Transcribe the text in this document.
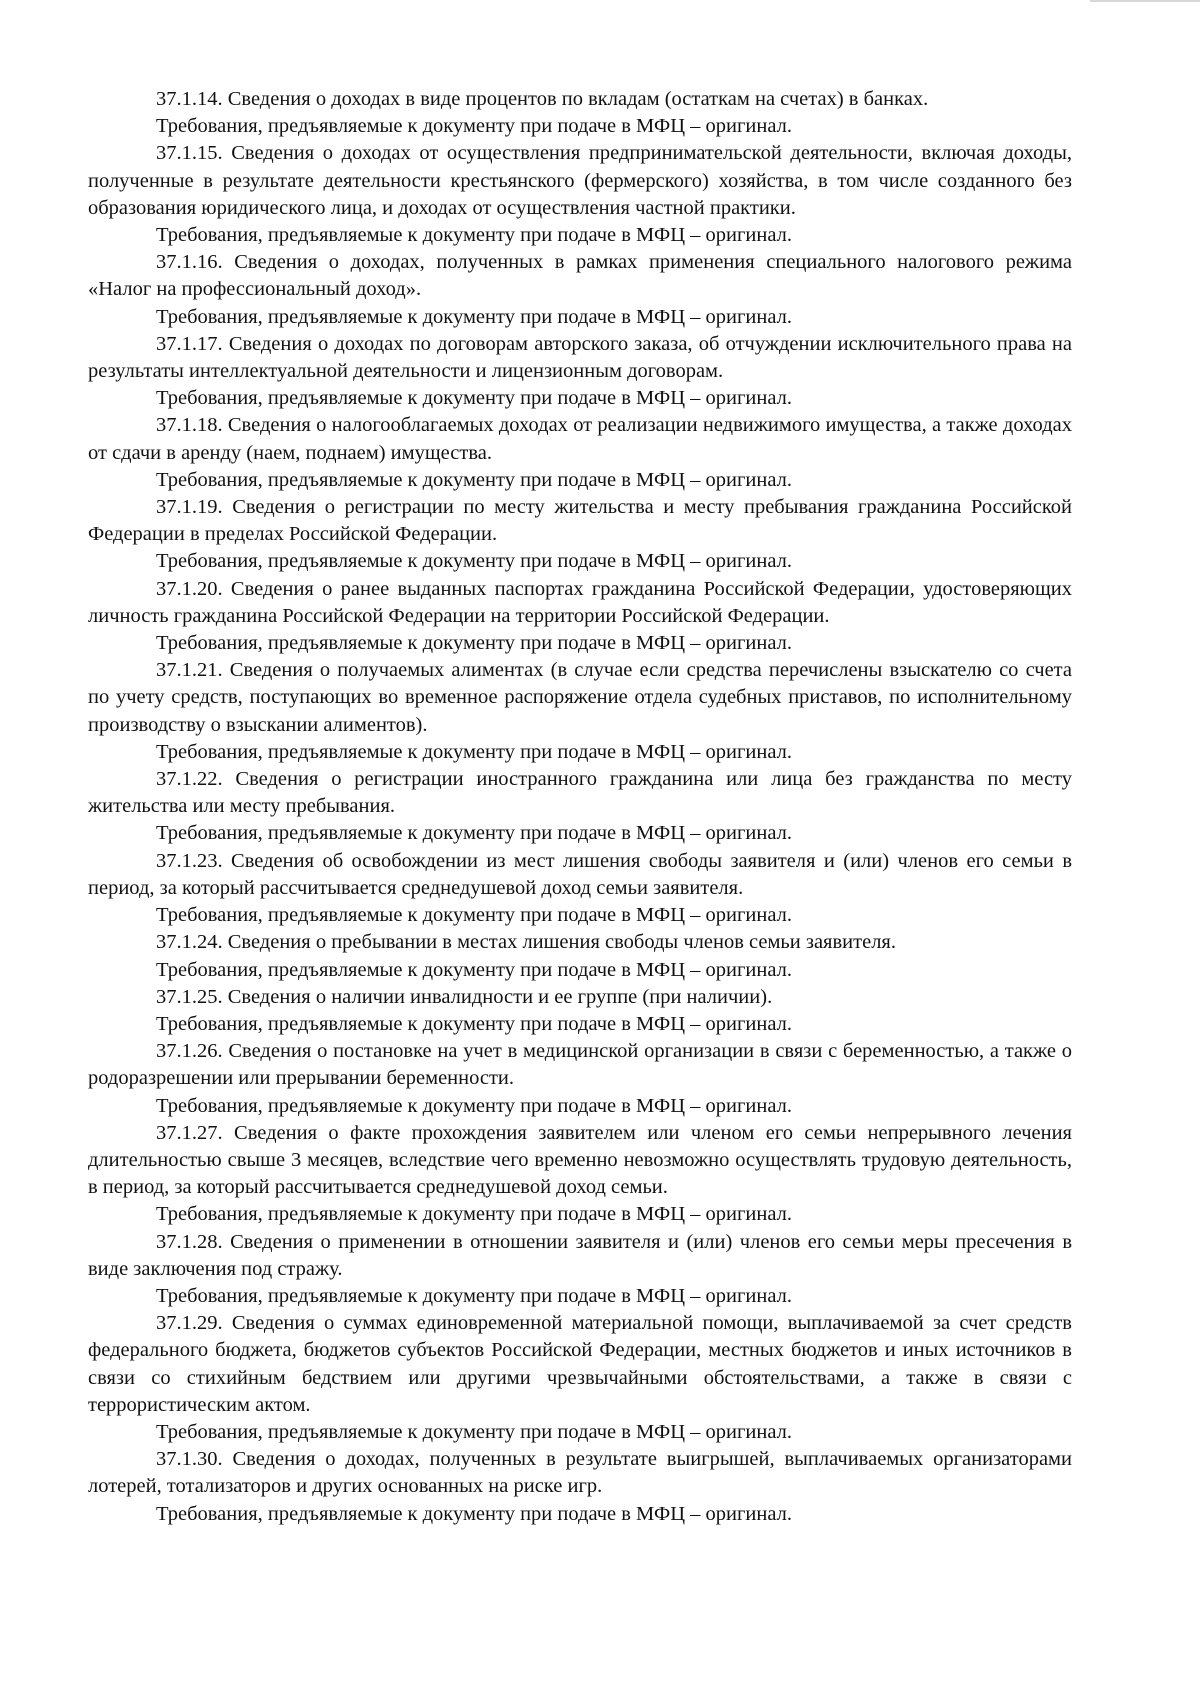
37.1.14. Сведения о доходах в виде процентов по вкладам (остаткам на счетах) в банках.

Требования, предъявляемые к документу при подаче в МФЦ – оригинал.

37.1.15. Сведения о доходах от осуществления предпринимательской деятельности, включая доходы, полученные в результате деятельности крестьянского (фермерского) хозяйства, в том числе созданного без образования юридического лица, и доходах от осуществления частной практики.

Требования, предъявляемые к документу при подаче в МФЦ – оригинал.

37.1.16. Сведения о доходах, полученных в рамках применения специального налогового режима «Налог на профессиональный доход».

Требования, предъявляемые к документу при подаче в МФЦ – оригинал.

37.1.17. Сведения о доходах по договорам авторского заказа, об отчуждении исключительного права на результаты интеллектуальной деятельности и лицензионным договорам.

Требования, предъявляемые к документу при подаче в МФЦ – оригинал.

37.1.18. Сведения о налогооблагаемых доходах от реализации недвижимого имущества, а также доходах от сдачи в аренду (наем, поднаем) имущества.

Требования, предъявляемые к документу при подаче в МФЦ – оригинал.

37.1.19. Сведения о регистрации по месту жительства и месту пребывания гражданина Российской Федерации в пределах Российской Федерации.

Требования, предъявляемые к документу при подаче в МФЦ – оригинал.

37.1.20. Сведения о ранее выданных паспортах гражданина Российской Федерации, удостоверяющих личность гражданина Российской Федерации на территории Российской Федерации.

Требования, предъявляемые к документу при подаче в МФЦ – оригинал.

37.1.21. Сведения о получаемых алиментах (в случае если средства перечислены взыскателю со счета по учету средств, поступающих во временное распоряжение отдела судебных приставов, по исполнительному производству о взыскании алиментов).

Требования, предъявляемые к документу при подаче в МФЦ – оригинал.

37.1.22. Сведения о регистрации иностранного гражданина или лица без гражданства по месту жительства или месту пребывания.

Требования, предъявляемые к документу при подаче в МФЦ – оригинал.

37.1.23. Сведения об освобождении из мест лишения свободы заявителя и (или) членов его семьи в период, за который рассчитывается среднедушевой доход семьи заявителя.

Требования, предъявляемые к документу при подаче в МФЦ – оригинал.

37.1.24. Сведения о пребывании в местах лишения свободы членов семьи заявителя.

Требования, предъявляемые к документу при подаче в МФЦ – оригинал.

37.1.25. Сведения о наличии инвалидности и ее группе (при наличии).

Требования, предъявляемые к документу при подаче в МФЦ – оригинал.

37.1.26. Сведения о постановке на учет в медицинской организации в связи с беременностью, а также о родоразрешении или прерывании беременности.

Требования, предъявляемые к документу при подаче в МФЦ – оригинал.

37.1.27. Сведения о факте прохождения заявителем или членом его семьи непрерывного лечения длительностью свыше 3 месяцев, вследствие чего временно невозможно осуществлять трудовую деятельность, в период, за который рассчитывается среднедушевой доход семьи.

Требования, предъявляемые к документу при подаче в МФЦ – оригинал.

37.1.28. Сведения о применении в отношении заявителя и (или) членов его семьи меры пресечения в виде заключения под стражу.

Требования, предъявляемые к документу при подаче в МФЦ – оригинал.

37.1.29. Сведения о суммах единовременной материальной помощи, выплачиваемой за счет средств федерального бюджета, бюджетов субъектов Российской Федерации, местных бюджетов и иных источников в связи со стихийным бедствием или другими чрезвычайными обстоятельствами, а также в связи с террористическим актом.

Требования, предъявляемые к документу при подаче в МФЦ – оригинал.

37.1.30. Сведения о доходах, полученных в результате выигрышей, выплачиваемых организаторами лотерей, тотализаторов и других основанных на риске игр.

Требования, предъявляемые к документу при подаче в МФЦ – оригинал.
